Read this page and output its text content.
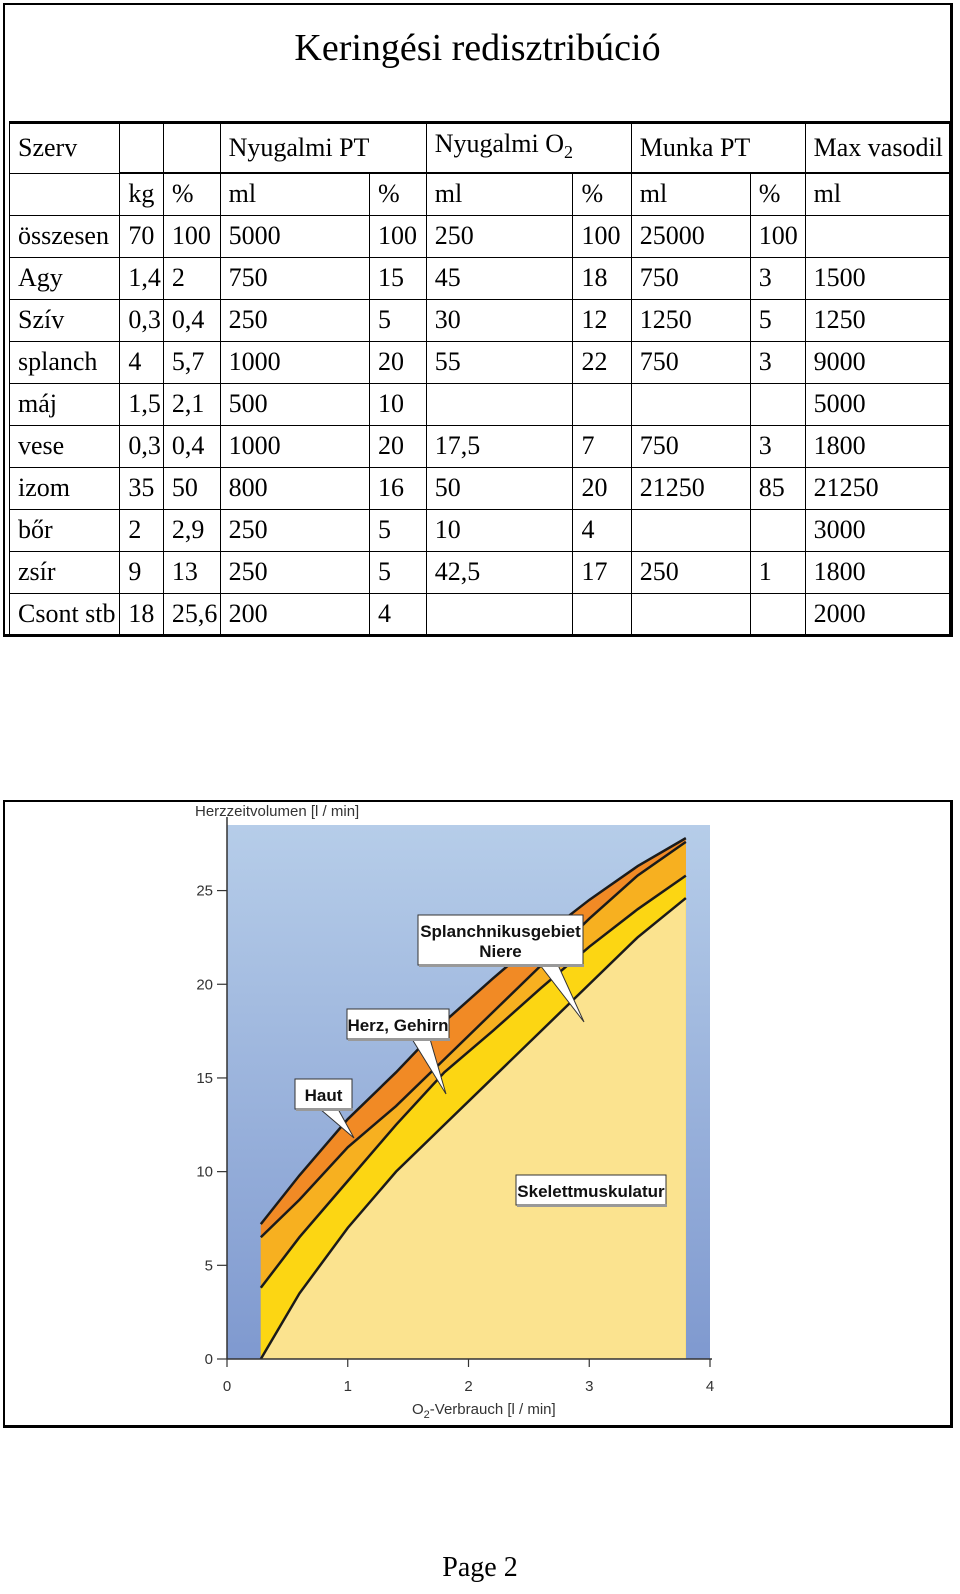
Keringési redisztribúció
Szerv			Nyugalmi PT		Nyugalmi $O_2$		Munka PT		Max vasodil
	kg	%	ml	%	ml	%	ml	%	ml
összesen	70	100	5000	100	250	100	25000	100	
Agy	1,4	2	750	15	45	18	750	3	1500
Szív	0,3	0,4	250	5	30	12	1250	5	1250
splanch	4	5,7	1000	20	55	22	750	3	9000
máj	1,5	2,1	500	10					5000
vese	0,3	0,4	1000	20	17,5	7	750	3	1800
izom	35	50	800	16	50	20	21250	85	21250
bőr	2	2,9	250	5	10	4			3000
zsír	9	13	250	5	42,5	17	250	1	1800
Csont stb	18	25,6	200	4					2000
0
5
10
15
20
25
0	1	2	3	4
Herzzeitvolumen [l / min]
$O_2$-Verbrauch [l / min]
Haut
Herz, Gehirn
Splanchnikusgebiet
Niere
Skelettmuskulatur
Page 2
